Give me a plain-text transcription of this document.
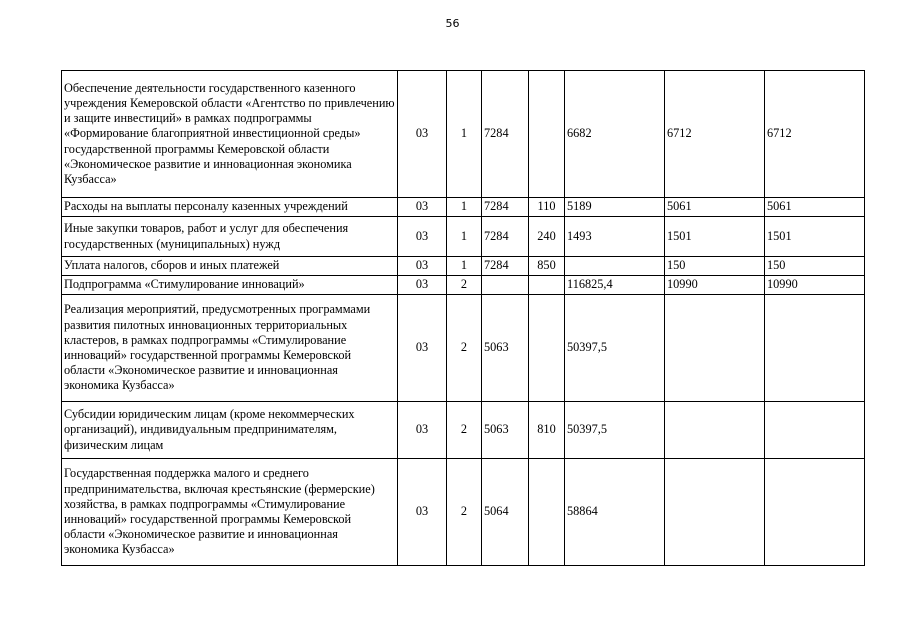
56
Обеспечение деятельности государственного казенного учреждения Кемеровской области «Агентство по привлечению и защите инвестиций» в рамках подпрограммы «Формирование благоприятной инвестиционной среды» государственной программы Кемеровской области «Экономическое развитие и инновационная экономика Кузбасса»	03	1	7284		6682	6712	6712
Расходы на выплаты персоналу казенных учреждений	03	1	7284	110	5189	5061	5061
Иные закупки товаров, работ и услуг для обеспечения государственных (муниципальных) нужд	03	1	7284	240	1493	1501	1501
Уплата налогов, сборов и иных платежей	03	1	7284	850		150	150
Подпрограмма «Стимулирование инноваций»	03	2			116825,4	10990	10990
Реализация мероприятий, предусмотренных программами развития пилотных инновационных территориальных кластеров, в рамках подпрограммы «Стимулирование инноваций» государственной программы Кемеровской области «Экономическое развитие и инновационная экономика Кузбасса»	03	2	5063		50397,5		
Субсидии юридическим лицам (кроме некоммерческих организаций), индивидуальным предпринимателям, физическим лицам	03	2	5063	810	50397,5		
Государственная поддержка малого и среднего предпринимательства, включая крестьянские (фермерские) хозяйства, в рамках подпрограммы «Стимулирование инноваций» государственной программы Кемеровской области «Экономическое развитие и инновационная экономика Кузбасса»	03	2	5064		58864		
